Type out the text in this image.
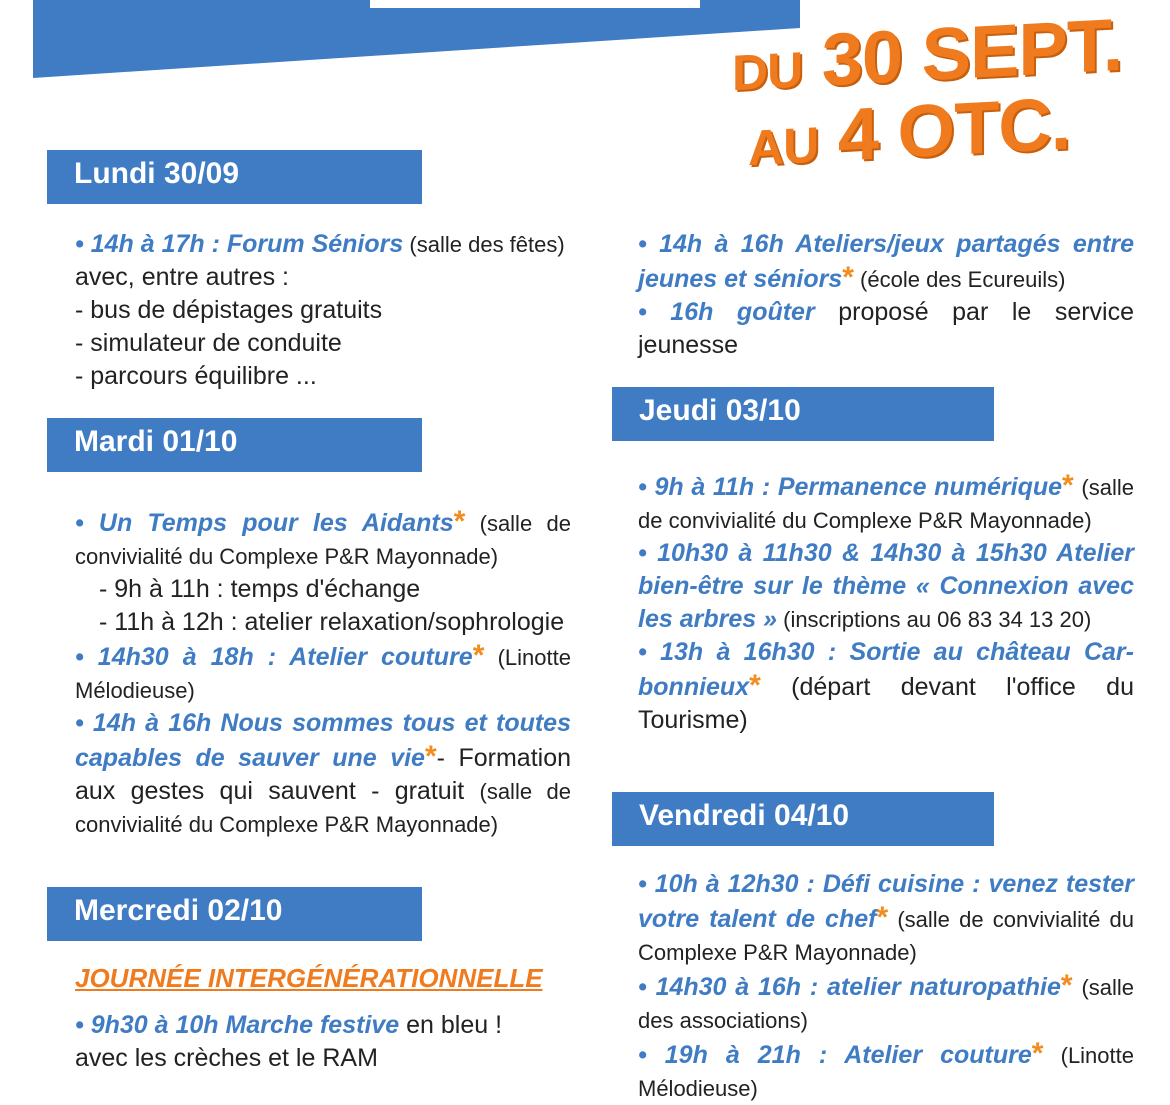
DU 30 SEPT.
AU 4 OTC.
Lundi 30/09
• 14h à 17h : Forum Séniors (salle des fêtes)
avec, entre autres :
- bus de dépistages gratuits
- simulateur de conduite
- parcours équilibre ...
Mardi 01/10
• Un Temps pour les Aidants* (salle de convivialité du Complexe P&R Mayonnade)
- 9h à 11h : temps d'échange
- 11h à 12h : atelier relaxation/sophrologie
• 14h30 à 18h : Atelier couture* (Linotte Mélodieuse)
• 14h à 16h Nous sommes tous et toutes capables de sauver une vie*- Formation aux gestes qui sauvent - gratuit (salle de convivialité du Complexe P&R Mayonnade)
Mercredi 02/10
JOURNÉE INTERGÉNÉRATIONNELLE
• 9h30 à 10h Marche festive en bleu !
avec les crèches et le RAM
• 14h à 16h Ateliers/jeux partagés entre jeunes et séniors* (école des Ecureuils)
• 16h goûter proposé par le service jeunesse
Jeudi 03/10
• 9h à 11h : Permanence numérique* (salle de convivialité du Complexe P&R Mayonnade)
• 10h30 à 11h30 & 14h30 à 15h30 Atelier bien-être sur le thème « Connexion avec les arbres » (inscriptions au 06 83 34 13 20)
• 13h à 16h30 : Sortie au château Car-bonnieux* (départ devant l'office du Tourisme)
Vendredi 04/10
• 10h à 12h30 : Défi cuisine : venez tester votre talent de chef* (salle de convivialité du Complexe P&R Mayonnade)
• 14h30 à 16h : atelier naturopathie* (salle des associations)
• 19h à 21h : Atelier couture* (Linotte Mélodieuse)
